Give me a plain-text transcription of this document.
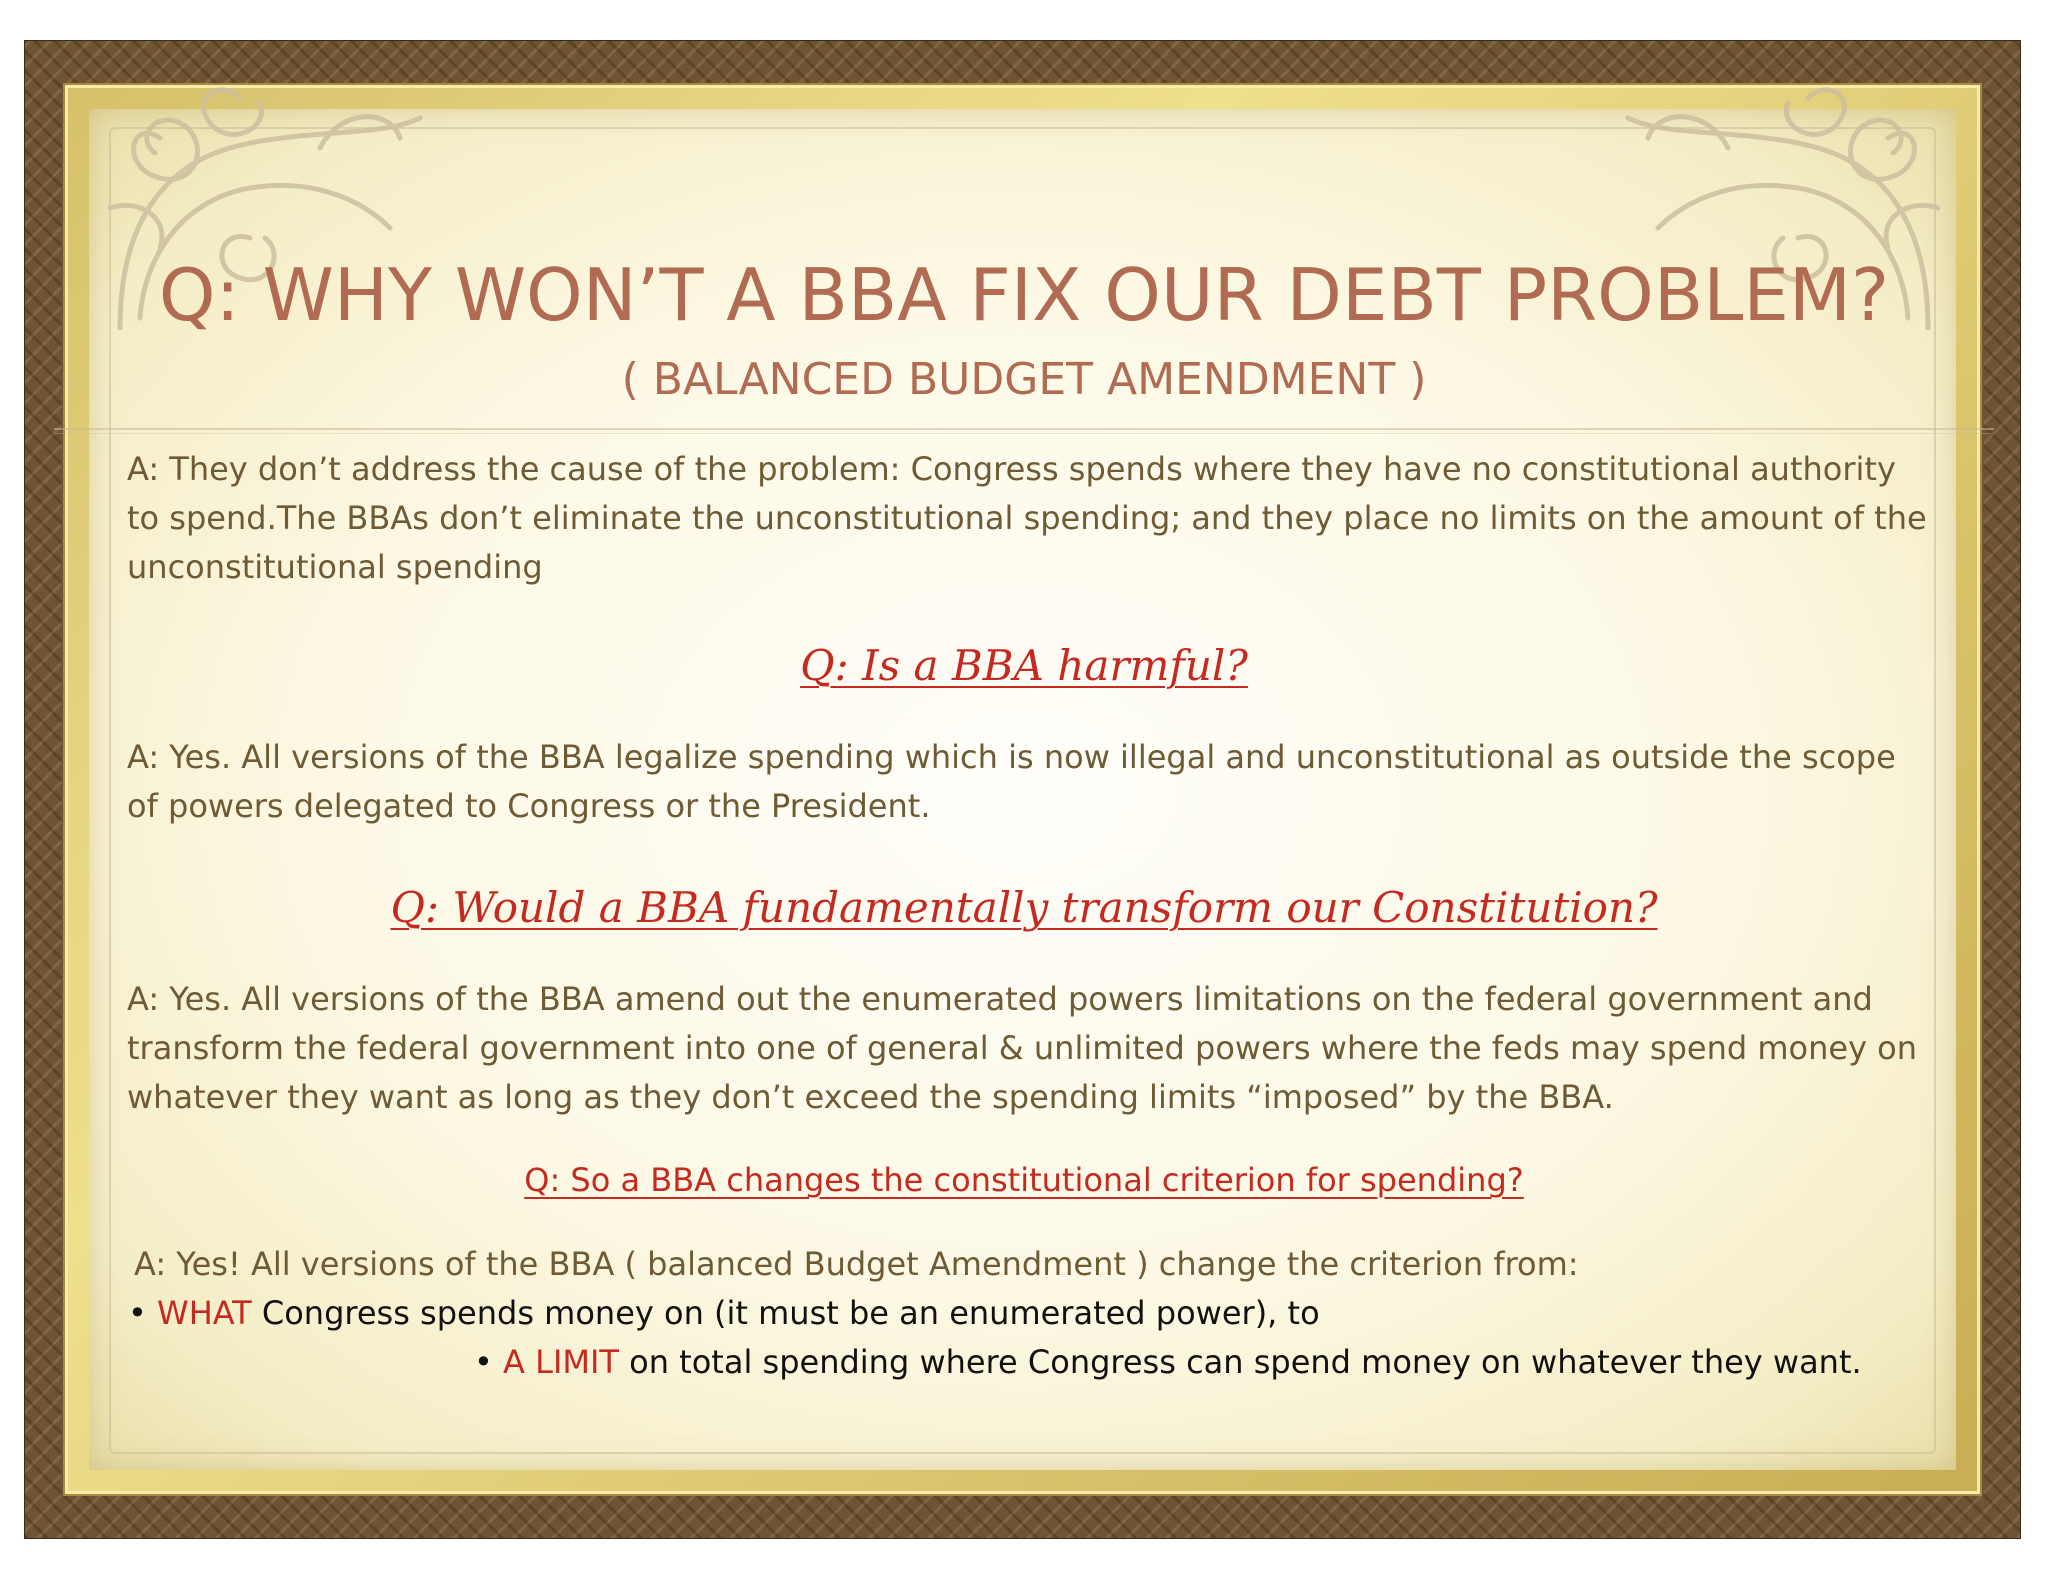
Q: WHY WON’T A BBA FIX OUR DEBT PROBLEM?

( BALANCED BUDGET AMENDMENT )

A: They don’t address the cause of the problem: Congress spends where they have no constitutional authority to spend.The BBAs don’t eliminate the unconstitutional spending; and they place no limits on the amount of the unconstitutional spending

Q: Is a BBA harmful?

A: Yes. All versions of the BBA legalize spending which is now illegal and unconstitutional as outside the scope of powers delegated to Congress or the President.

Q: Would a BBA fundamentally transform our Constitution?

A: Yes. All versions of the BBA amend out the enumerated powers limitations on the federal government and transform the federal government into one of general & unlimited powers where the feds may spend money on whatever they want as long as they don’t exceed the spending limits “imposed” by the BBA.

Q: So a BBA changes the constitutional criterion for spending?

A: Yes! All versions of the BBA ( balanced Budget Amendment ) change the criterion from:

• WHAT Congress spends money on (it must be an enumerated power), to

• A LIMIT on total spending where Congress can spend money on whatever they want.
